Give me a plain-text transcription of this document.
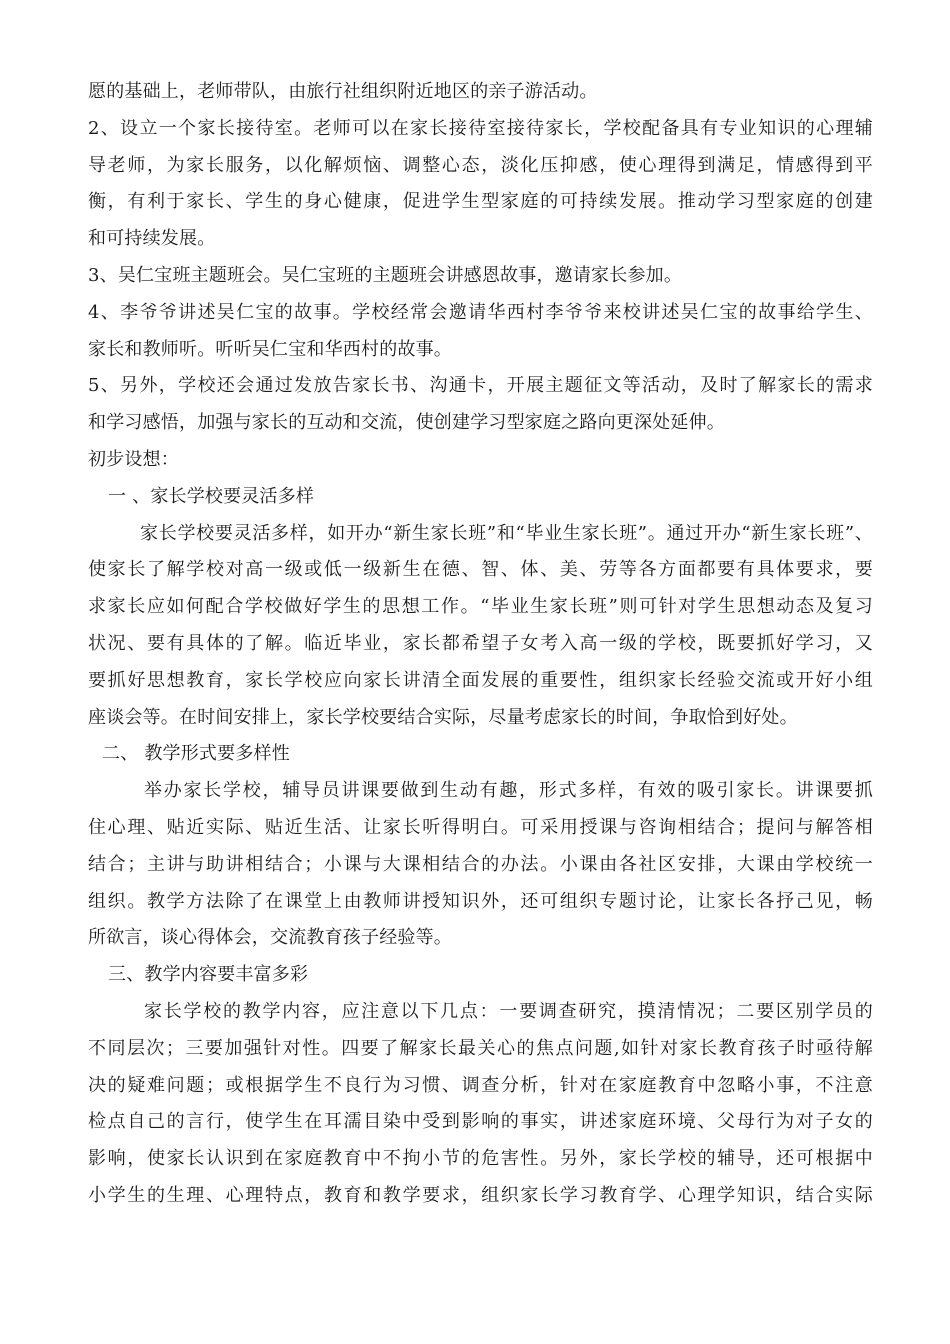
愿的基础上，老师带队，由旅行社组织附近地区的亲子游活动。
2、设立一个家长接待室。老师可以在家长接待室接待家长，学校配备具有专业知识的心理辅
导老师，为家长服务，以化解烦恼、调整心态，淡化压抑感，使心理得到满足，情感得到平
衡，有利于家长、学生的身心健康，促进学生型家庭的可持续发展。推动学习型家庭的创建
和可持续发展。
3、吴仁宝班主题班会。吴仁宝班的主题班会讲感恩故事，邀请家长参加。
4、李爷爷讲述吴仁宝的故事。学校经常会邀请华西村李爷爷来校讲述吴仁宝的故事给学生、
家长和教师听。听听吴仁宝和华西村的故事。
5、另外，学校还会通过发放告家长书、沟通卡，开展主题征文等活动，及时了解家长的需求
和学习感悟，加强与家长的互动和交流，使创建学习型家庭之路向更深处延伸。
初步设想：
一 、家长学校要灵活多样
家长学校要灵活多样，如开办“新生家长班”和“毕业生家长班”。通过开办“新生家长班”、
使家长了解学校对高一级或低一级新生在德、智、体、美、劳等各方面都要有具体要求，要
求家长应如何配合学校做好学生的思想工作。“毕业生家长班”则可针对学生思想动态及复习
状况、要有具体的了解。临近毕业，家长都希望子女考入高一级的学校，既要抓好学习，又
要抓好思想教育，家长学校应向家长讲清全面发展的重要性，组织家长经验交流或开好小组
座谈会等。在时间安排上，家长学校要结合实际，尽量考虑家长的时间，争取恰到好处。
二、 教学形式要多样性
举办家长学校，辅导员讲课要做到生动有趣，形式多样，有效的吸引家长。讲课要抓
住心理、贴近实际、贴近生活、让家长听得明白。可采用授课与咨询相结合；提问与解答相
结合；主讲与助讲相结合；小课与大课相结合的办法。小课由各社区安排，大课由学校统一
组织。教学方法除了在课堂上由教师讲授知识外，还可组织专题讨论，让家长各抒己见，畅
所欲言，谈心得体会，交流教育孩子经验等。
三、教学内容要丰富多彩
家长学校的教学内容，应注意以下几点：一要调查研究，摸清情况；二要区别学员的
不同层次；三要加强针对性。四要了解家长最关心的焦点问题,如针对家长教育孩子时亟待解
决的疑难问题；或根据学生不良行为习惯、调查分析，针对在家庭教育中忽略小事，不注意
检点自己的言行，使学生在耳濡目染中受到影响的事实，讲述家庭环境、父母行为对子女的
影响，使家长认识到在家庭教育中不拘小节的危害性。另外，家长学校的辅导，还可根据中
小学生的生理、心理特点，教育和教学要求，组织家长学习教育学、心理学知识，结合实际
